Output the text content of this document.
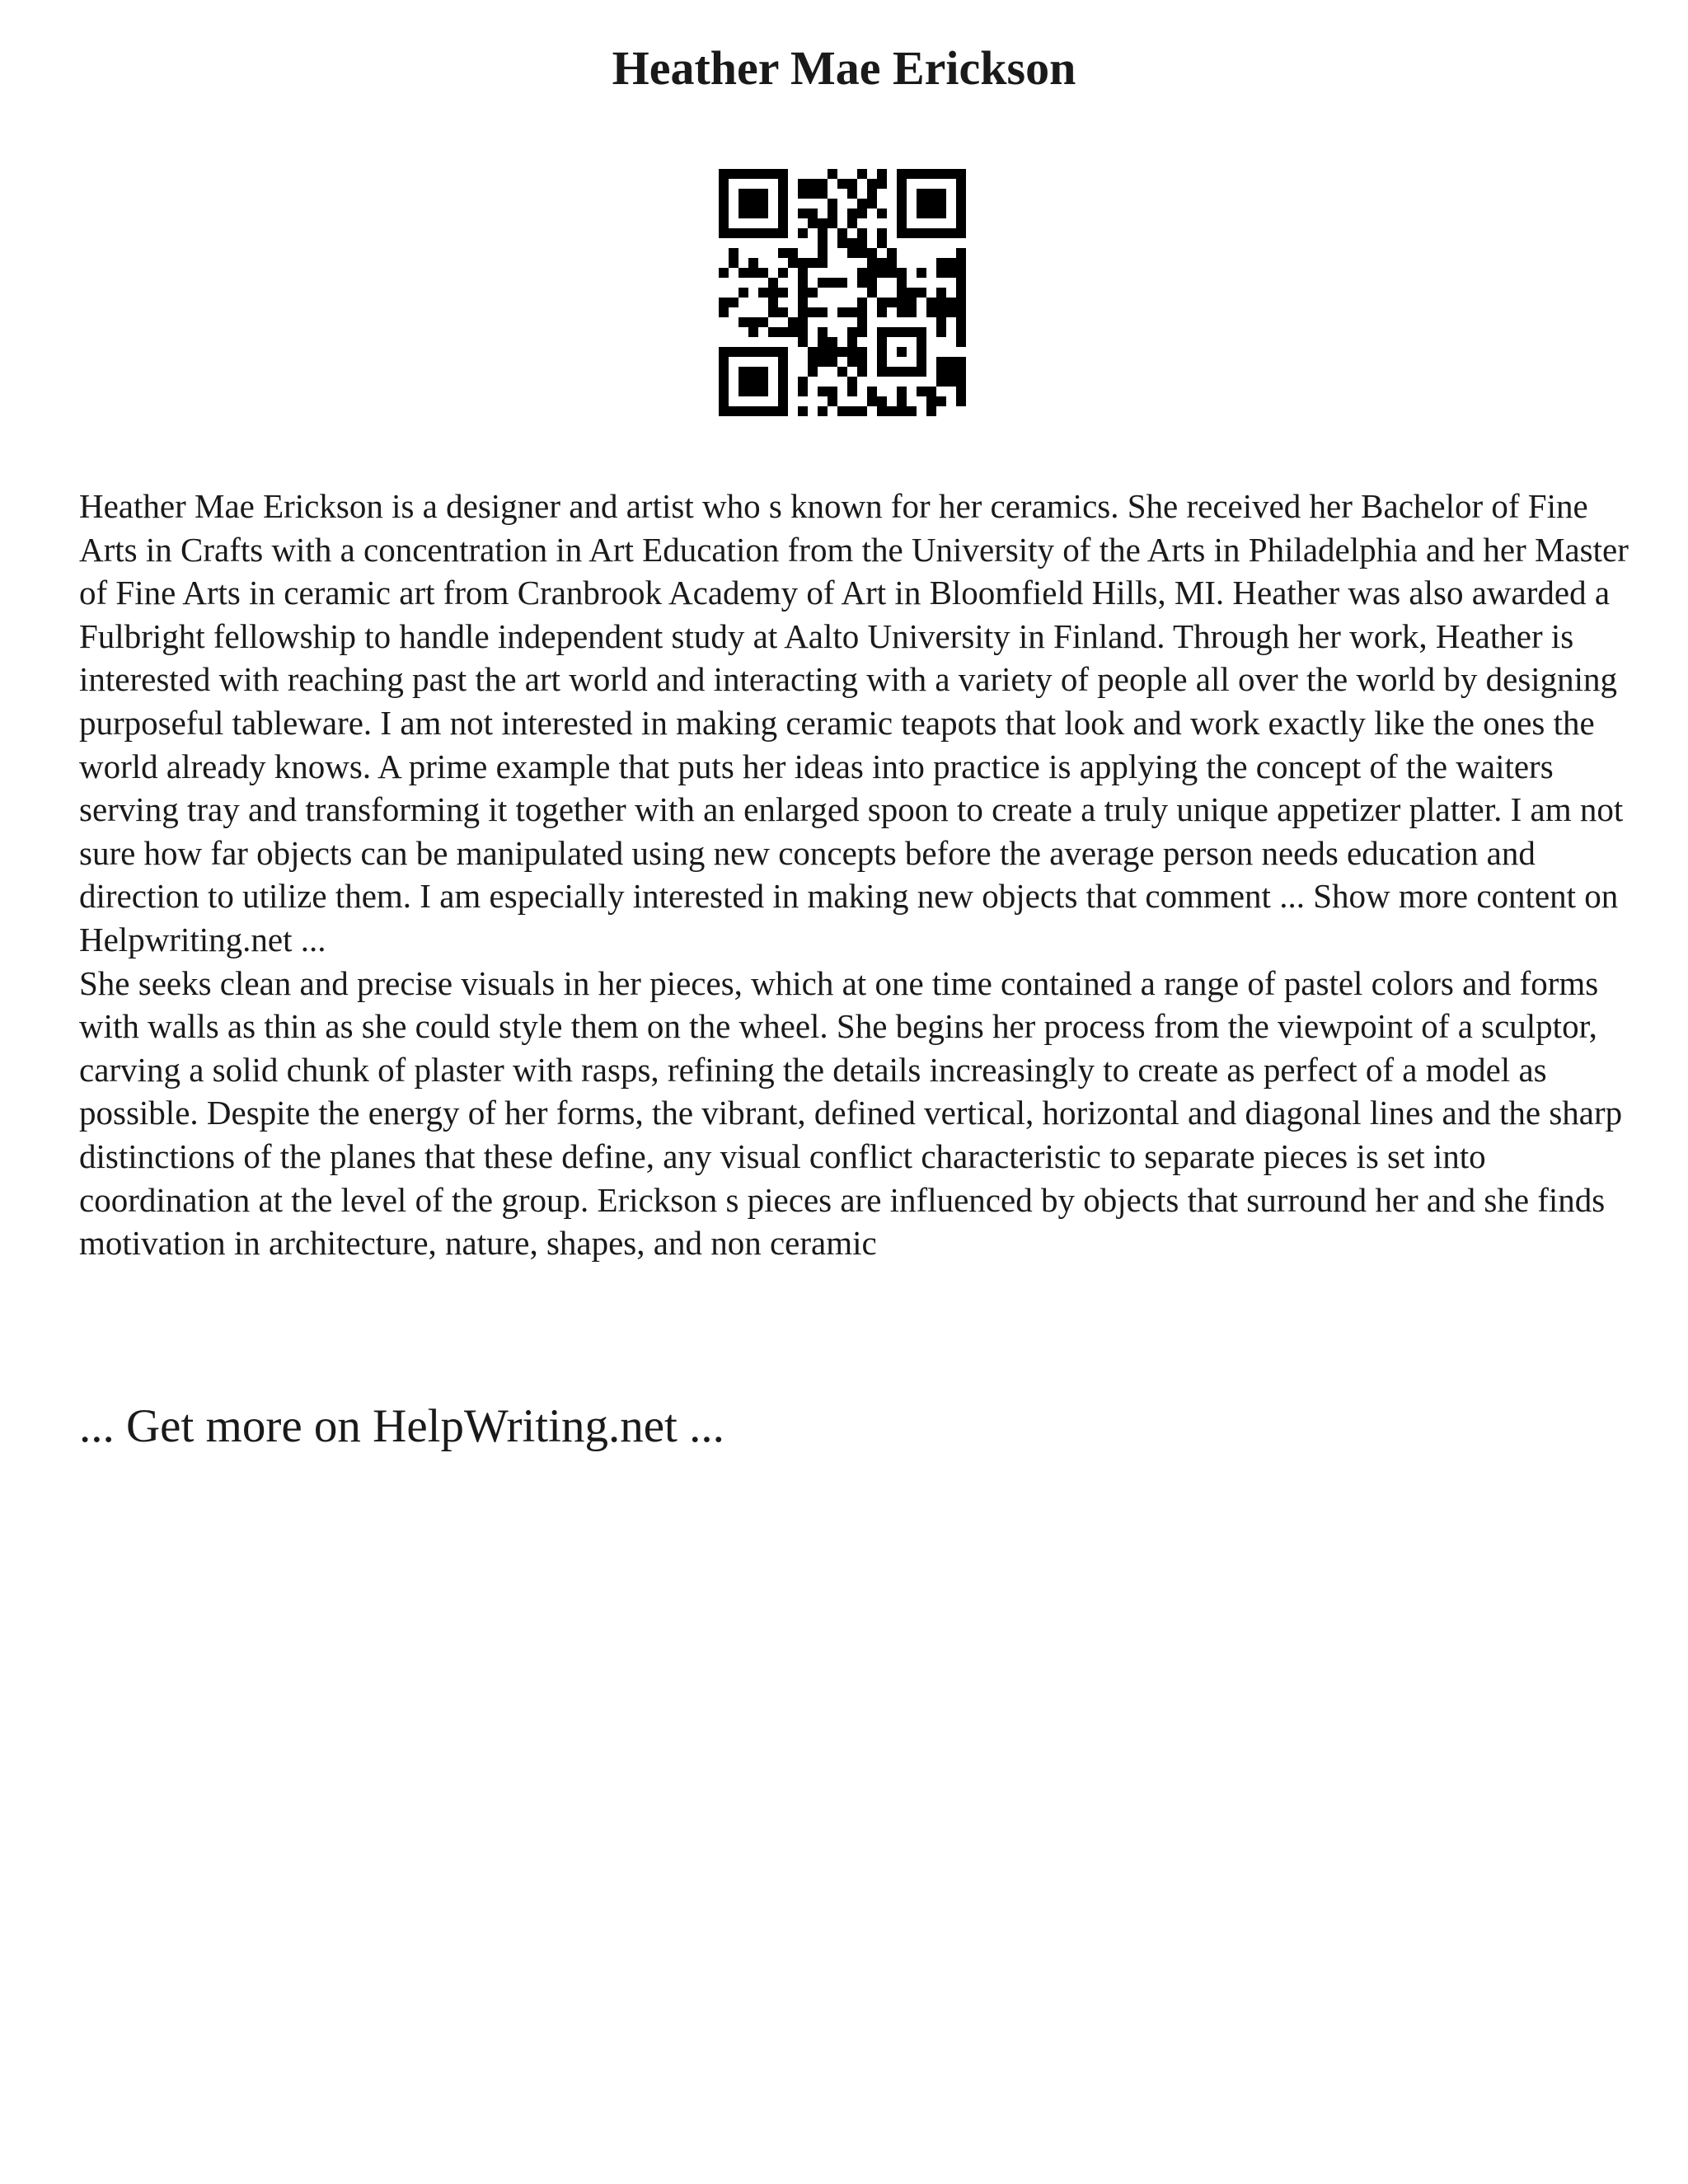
Heather Mae Erickson

Heather Mae Erickson is a designer and artist who s known for her ceramics. She received her Bachelor of Fine Arts in Crafts with a concentration in Art Education from the University of the Arts in Philadelphia and her Master of Fine Arts in ceramic art from Cranbrook Academy of Art in Bloomfield Hills, MI. Heather was also awarded a Fulbright fellowship to handle independent study at Aalto University in Finland. Through her work, Heather is interested with reaching past the art world and interacting with a variety of people all over the world by designing purposeful tableware. I am not interested in making ceramic teapots that look and work exactly like the ones the world already knows. A prime example that puts her ideas into practice is applying the concept of the waiters serving tray and transforming it together with an enlarged spoon to create a truly unique appetizer platter. I am not sure how far objects can be manipulated using new concepts before the average person needs education and direction to utilize them. I am especially interested in making new objects that comment ... Show more content on Helpwriting.net ...

She seeks clean and precise visuals in her pieces, which at one time contained a range of pastel colors and forms with walls as thin as she could style them on the wheel. She begins her process from the viewpoint of a sculptor, carving a solid chunk of plaster with rasps, refining the details increasingly to create as perfect of a model as possible. Despite the energy of her forms, the vibrant, defined vertical, horizontal and diagonal lines and the sharp distinctions of the planes that these define, any visual conflict characteristic to separate pieces is set into coordination at the level of the group. Erickson s pieces are influenced by objects that surround her and she finds motivation in architecture, nature, shapes, and non ceramic

... Get more on HelpWriting.net ...
